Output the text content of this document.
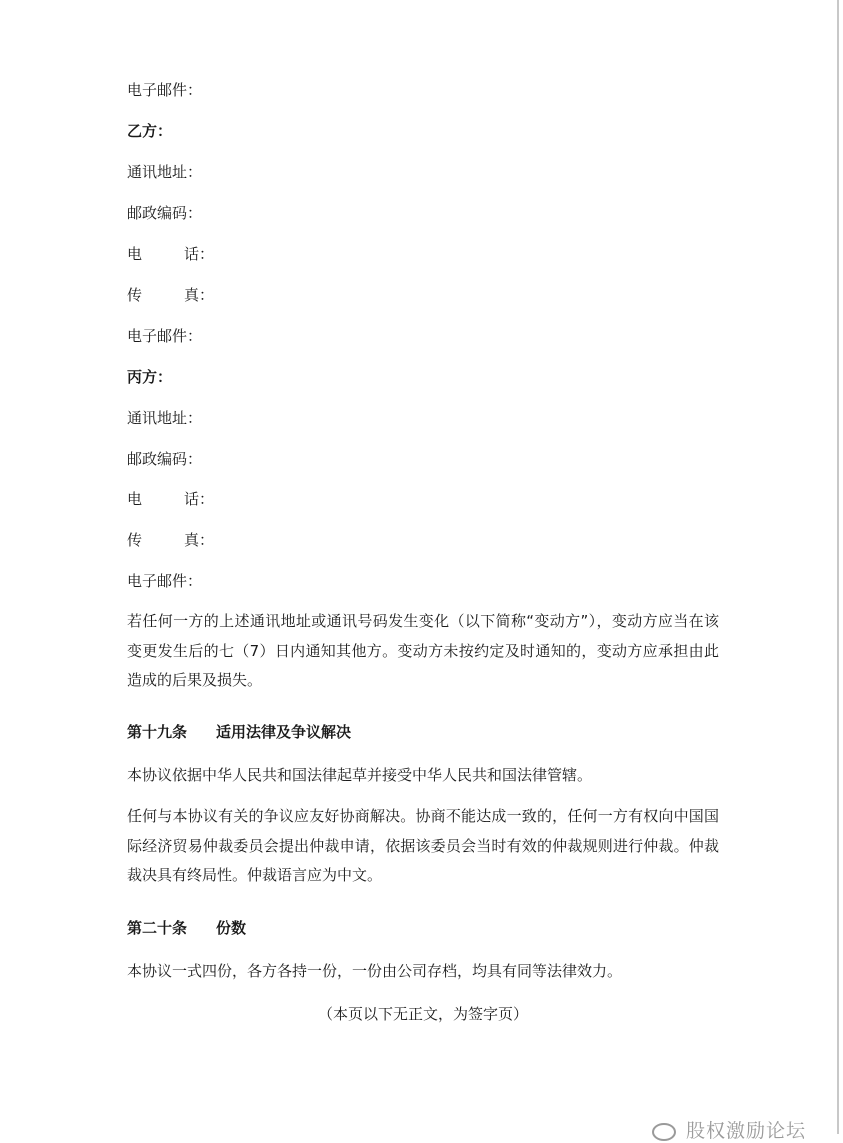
电子邮件：
乙方：
通讯地址：
邮政编码：
电	话：
传	真：
电子邮件：
丙方：
通讯地址：
邮政编码：
电	话：
传	真：
电子邮件：
若任何一方的上述通讯地址或通讯号码发生变化（以下简称“变动方”），变动方应当在该变更发生后的七（7）日内通知其他方。变动方未按约定及时通知的，变动方应承担由此造成的后果及损失。
第十九条 适用法律及争议解决
本协议依据中华人民共和国法律起草并接受中华人民共和国法律管辖。
任何与本协议有关的争议应友好协商解决。协商不能达成一致的，任何一方有权向中国国际经济贸易仲裁委员会提出仲裁申请，依据该委员会当时有效的仲裁规则进行仲裁。仲裁裁决具有终局性。仲裁语言应为中文。
第二十条 份数
本协议一式四份，各方各持一份，一份由公司存档，均具有同等法律效力。
（本页以下无正文，为签字页）
股权激励论坛
